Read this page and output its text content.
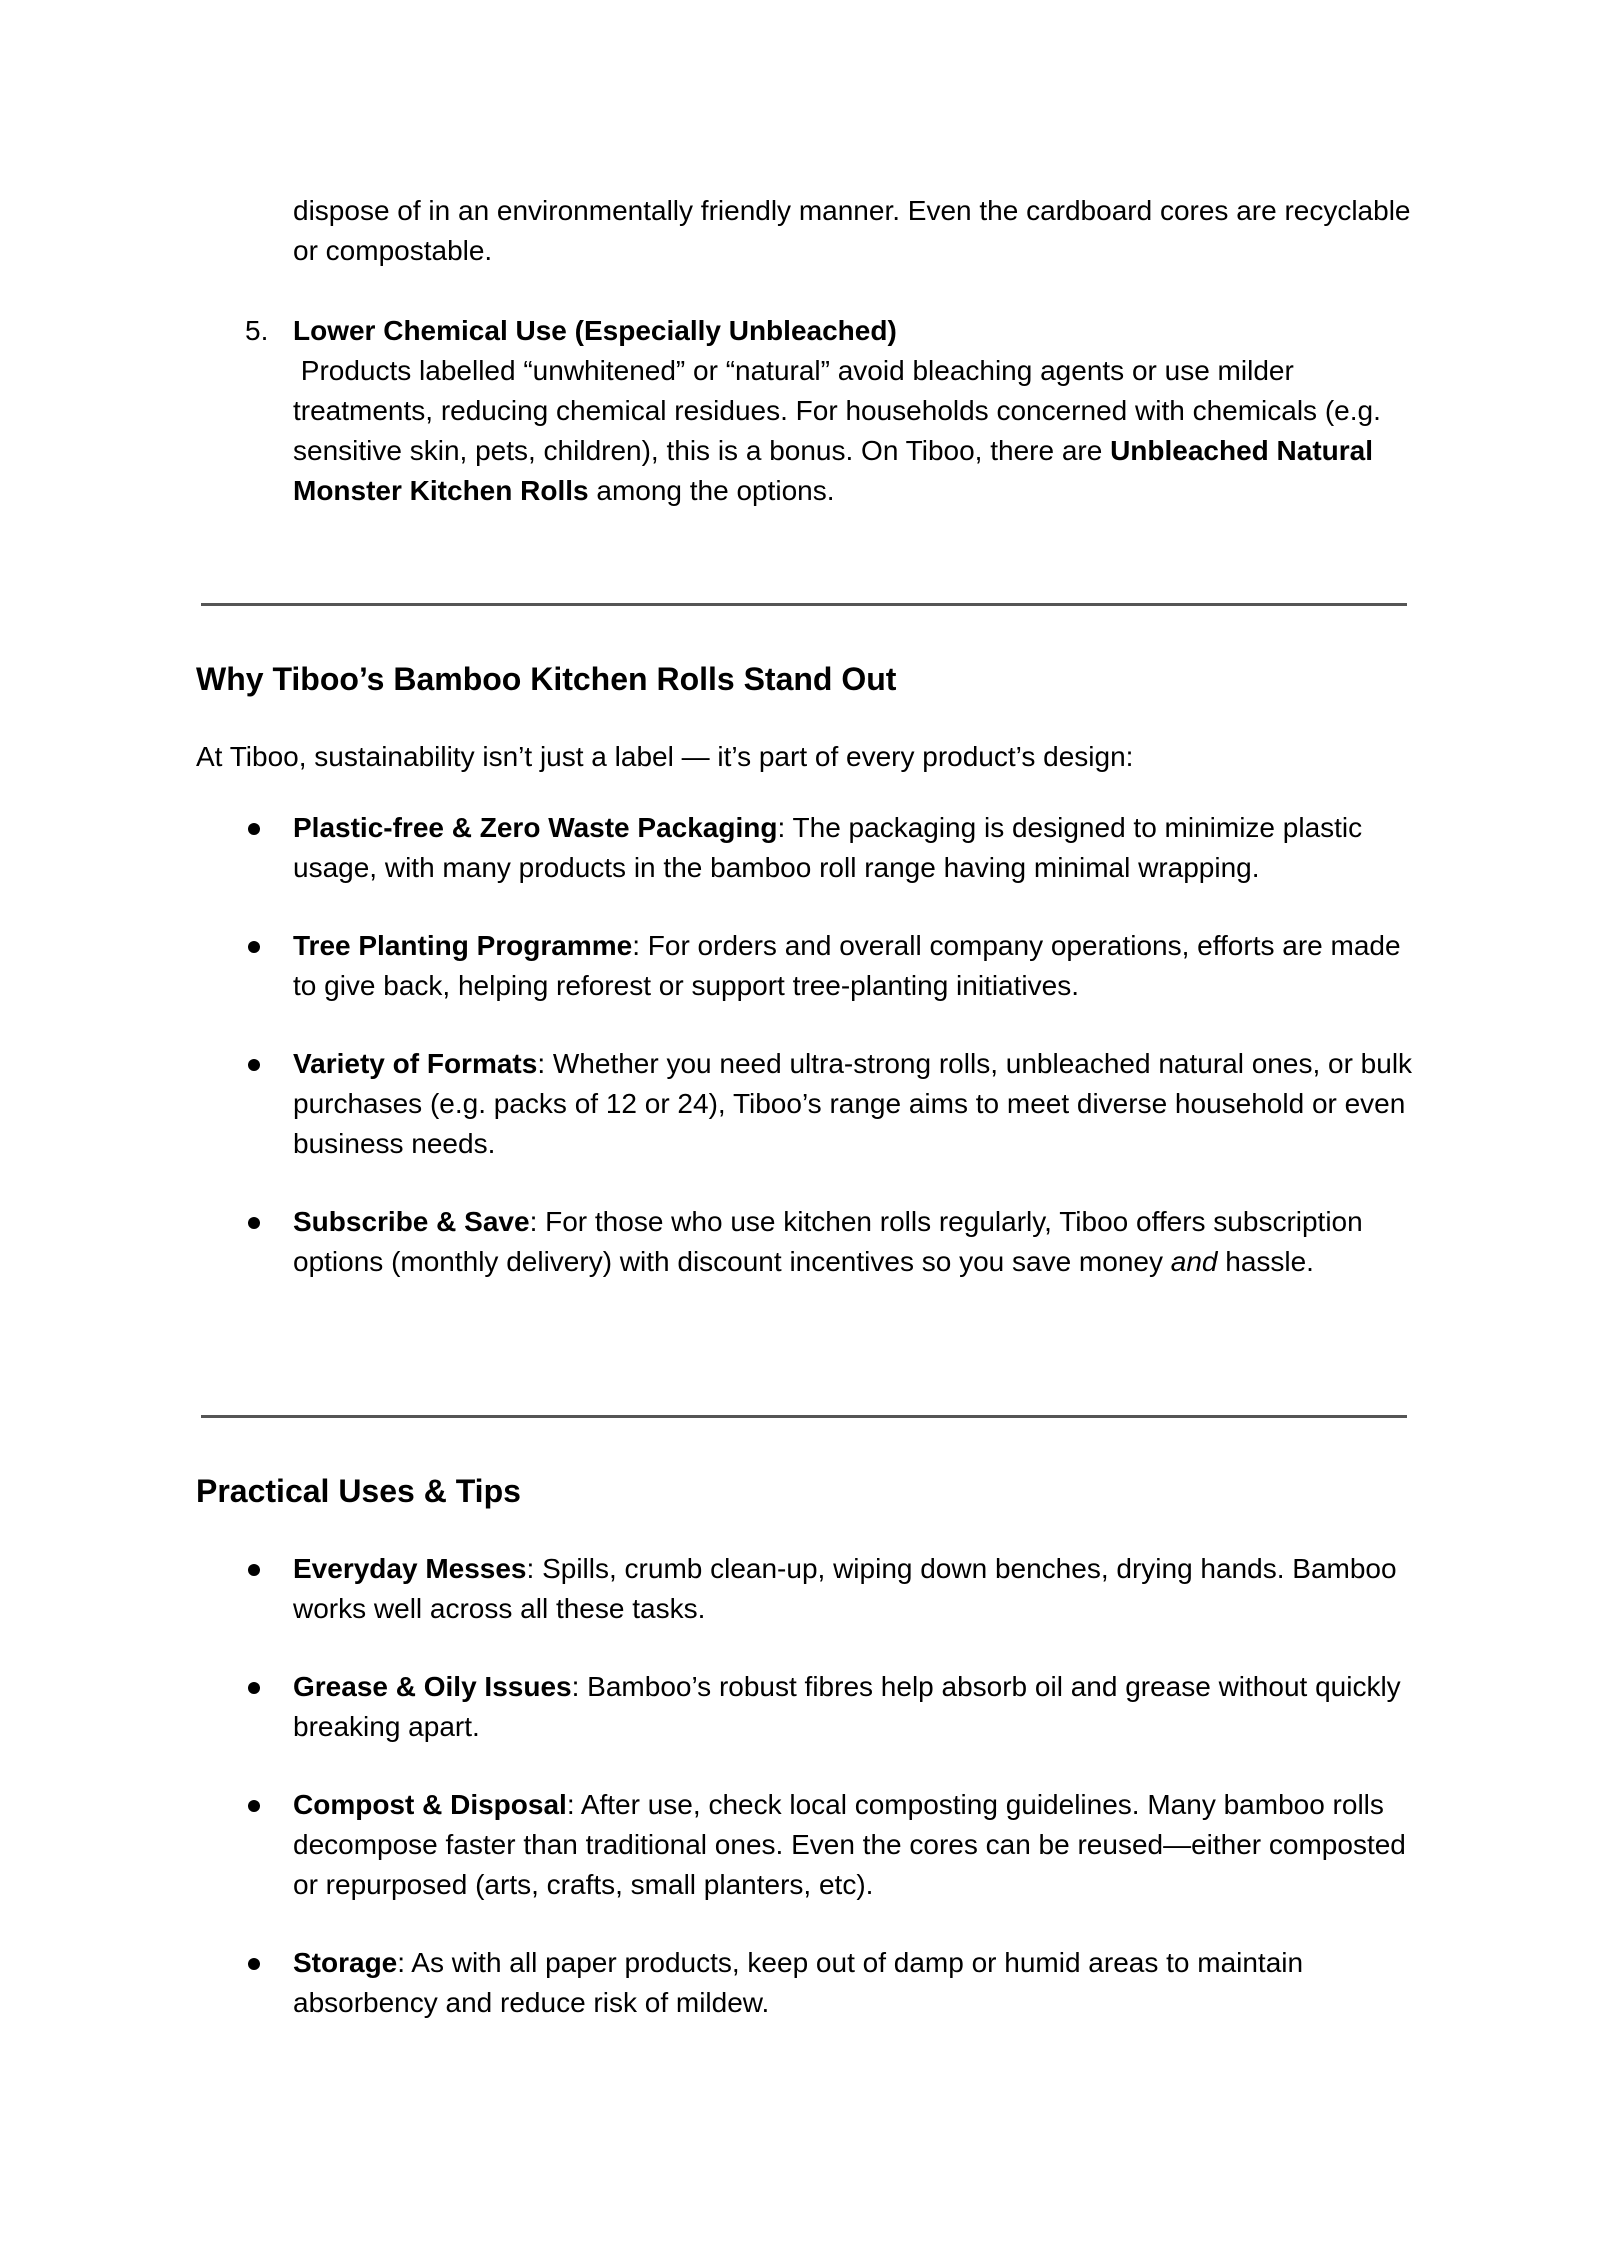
dispose of in an environmentally friendly manner. Even the cardboard cores are recyclable or compostable.

5. Lower Chemical Use (Especially Unbleached)

Products labelled “unwhitened” or “natural” avoid bleaching agents or use milder treatments, reducing chemical residues. For households concerned with chemicals (e.g. sensitive skin, pets, children), this is a bonus. On Tiboo, there are Unbleached Natural Monster Kitchen Rolls among the options.

Why Tiboo’s Bamboo Kitchen Rolls Stand Out

At Tiboo, sustainability isn’t just a label — it’s part of every product’s design:

Plastic-free & Zero Waste Packaging: The packaging is designed to minimize plastic usage, with many products in the bamboo roll range having minimal wrapping.
Tree Planting Programme: For orders and overall company operations, efforts are made to give back, helping reforest or support tree-planting initiatives.
Variety of Formats: Whether you need ultra-strong rolls, unbleached natural ones, or bulk purchases (e.g. packs of 12 or 24), Tiboo’s range aims to meet diverse household or even business needs.
Subscribe & Save: For those who use kitchen rolls regularly, Tiboo offers subscription options (monthly delivery) with discount incentives so you save money and hassle.
Practical Uses & Tips
Everyday Messes: Spills, crumb clean-up, wiping down benches, drying hands. Bamboo works well across all these tasks.
Grease & Oily Issues: Bamboo’s robust fibres help absorb oil and grease without quickly breaking apart.
Compost & Disposal: After use, check local composting guidelines. Many bamboo rolls decompose faster than traditional ones. Even the cores can be reused—either composted or repurposed (arts, crafts, small planters, etc).
Storage: As with all paper products, keep out of damp or humid areas to maintain absorbency and reduce risk of mildew.
